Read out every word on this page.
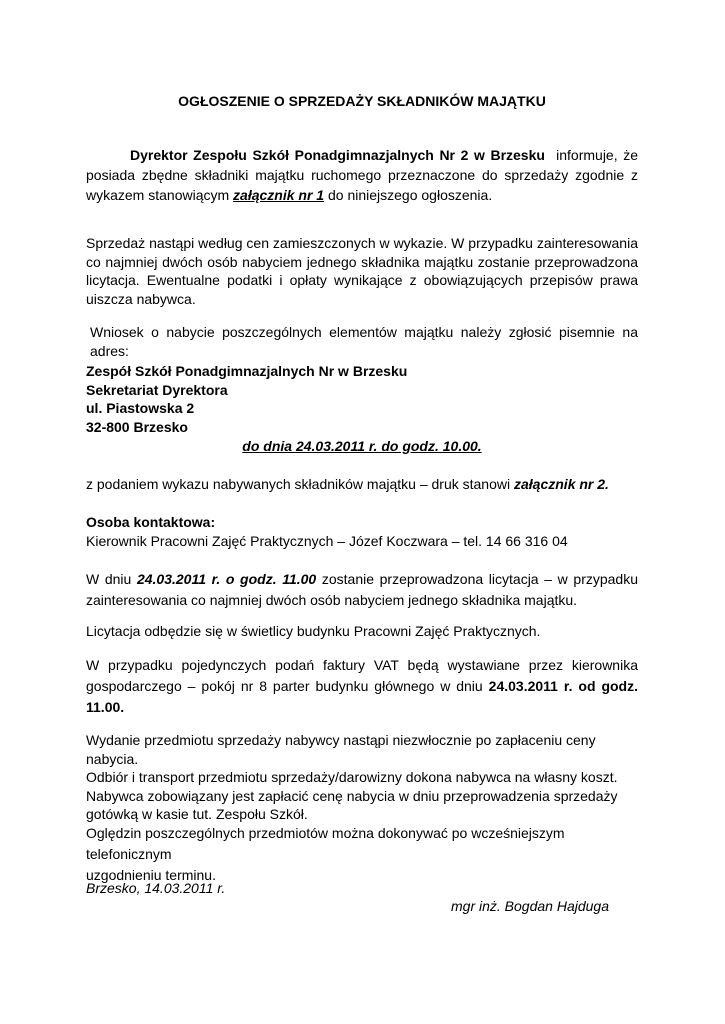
OGŁOSZENIE O SPRZEDAŻY SKŁADNIKÓW MAJĄTKU

Dyrektor Zespołu Szkół Ponadgimnazjalnych Nr 2 w Brzesku informuje, że posiada zbędne składniki majątku ruchomego przeznaczone do sprzedaży zgodnie z wykazem stanowiącym załącznik nr 1 do niniejszego ogłoszenia.

Sprzedaż nastąpi według cen zamieszczonych w wykazie. W przypadku zainteresowania co najmniej dwóch osób nabyciem jednego składnika majątku zostanie przeprowadzona licytacja. Ewentualne podatki i opłaty wynikające z obowiązujących przepisów prawa uiszcza nabywca.

Wniosek o nabycie poszczególnych elementów majątku należy zgłosić pisemnie na adres:

Zespół Szkół Ponadgimnazjalnych Nr w Brzesku
Sekretariat Dyrektora
ul. Piastowska 2
32-800 Brzesko

do dnia 24.03.2011 r. do godz. 10.00.

z podaniem wykazu nabywanych składników majątku – druk stanowi załącznik nr 2.

Osoba kontaktowa:
Kierownik Pracowni Zajęć Praktycznych – Józef Koczwara – tel. 14 66 316 04

W dniu 24.03.2011 r. o godz. 11.00 zostanie przeprowadzona licytacja – w przypadku zainteresowania co najmniej dwóch osób nabyciem jednego składnika majątku.

Licytacja odbędzie się w świetlicy budynku Pracowni Zajęć Praktycznych.

W przypadku pojedynczych podań faktury VAT będą wystawiane przez kierownika gospodarczego – pokój nr 8 parter budynku głównego w dniu 24.03.2011 r. od godz. 11.00.

Wydanie przedmiotu sprzedaży nabywcy nastąpi niezwłocznie po zapłaceniu ceny nabycia.
Odbiór i transport przedmiotu sprzedaży/darowizny dokona nabywca na własny koszt.
Nabywca zobowiązany jest zapłacić cenę nabycia w dniu przeprowadzenia sprzedaży
gotówką w kasie tut. Zespołu Szkół.
Oględzin poszczególnych przedmiotów można dokonywać po wcześniejszym telefonicznym
uzgodnieniu terminu.

Brzesko, 14.03.2011 r.

mgr inż. Bogdan Hajduga
